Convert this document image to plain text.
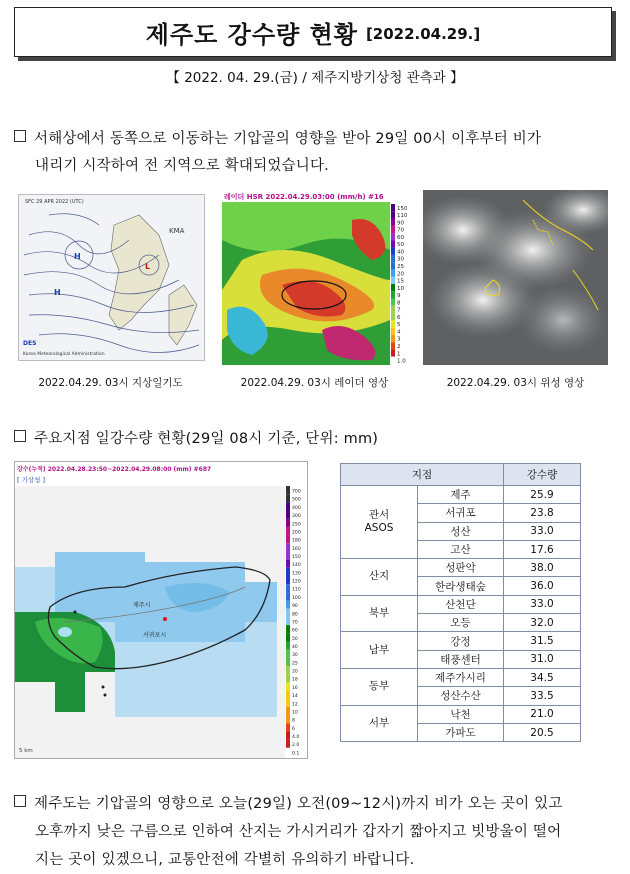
제주도 강수량 현황 [2022.04.29.]
【 2022. 04. 29.(금) / 제주지방기상청 관측과 】
서해상에서 동쪽으로 이동하는 기압골의 영향을 받아 29일 00시 이후부터 비가
내리기 시작하여 전 지역으로 확대되었습니다.
SFC 29 APR 2022 (UTC)
H
L
H
KMA
DES
Korea Meteorological Administration
2022.04.29. 03시 지상일기도
레이더 HSR 2022.04.29.03:00 (mm/h) #16
150
110
90
70
60
50
40
30
25
20
15
10
9
8
7
6
5
4
3
2
1
1.0
2022.04.29. 03시 레이더 영상	2022.04.29. 03시 위성 영상
주요지점 일강수량 현황(29일 08시 기준, 단위: mm)
강수(누적) 2022.04.28.23:50~2022.04.29.08:00 (mm) #687
[ 기상청 ]
제주시
서귀포시
5 km
700
500
400
300
250
200
180
160
150
140
130
120
110
100
90
80
70
60
50
40
30
25
20
18
16
14
12
10
8
6
4.0
2.0
0.1
지점		강수량
관서
ASOS	제주	25.9
	서귀포	23.8
	성산	33.0
	고산	17.6
산지	성판악	38.0
	한라생태숲	36.0
북부	산천단	33.0
	오등	32.0
남부	강정	31.5
	태풍센터	31.0
동부	제주가시리	34.5
	성산수산	33.5
서부	낙천	21.0
	가파도	20.5
제주도는 기압골의 영향으로 오늘(29일) 오전(09~12시)까지 비가 오는 곳이 있고
오후까지 낮은 구름으로 인하여 산지는 가시거리가 갑자기 짧아지고 빗방울이 떨어
지는 곳이 있겠으니, 교통안전에 각별히 유의하기 바랍니다.
